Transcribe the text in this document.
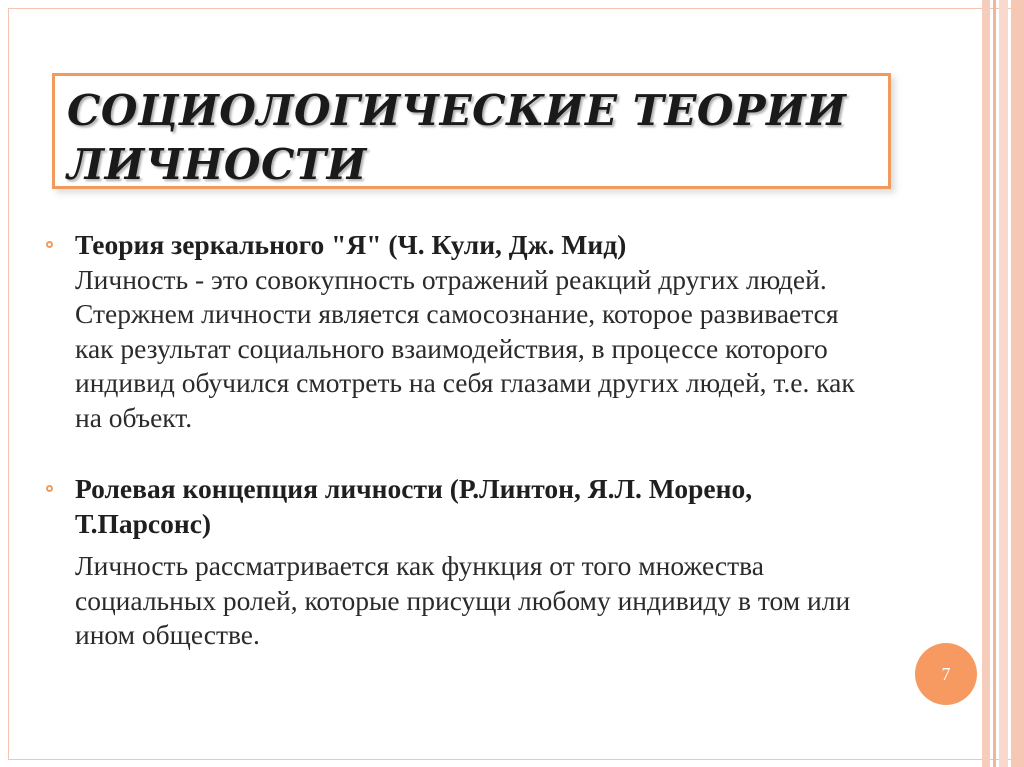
СОЦИОЛОГИЧЕСКИЕ ТЕОРИИ
ЛИЧНОСТИ
Теория зеркального "Я" (Ч. Кули, Дж. Мид)
Личность - это совокупность отражений реакций других людей. Стержнем личности является самосознание, которое развивается как результат социального взаимодействия, в процессе которого индивид обучился смотреть на себя глазами других людей, т.е. как на объект.
Ролевая концепция личности (Р.Линтон, Я.Л. Морено, Т.Парсонс)
Личность рассматривается как функция от того множества социальных ролей, которые присущи любому индивиду в том или ином обществе.
7
